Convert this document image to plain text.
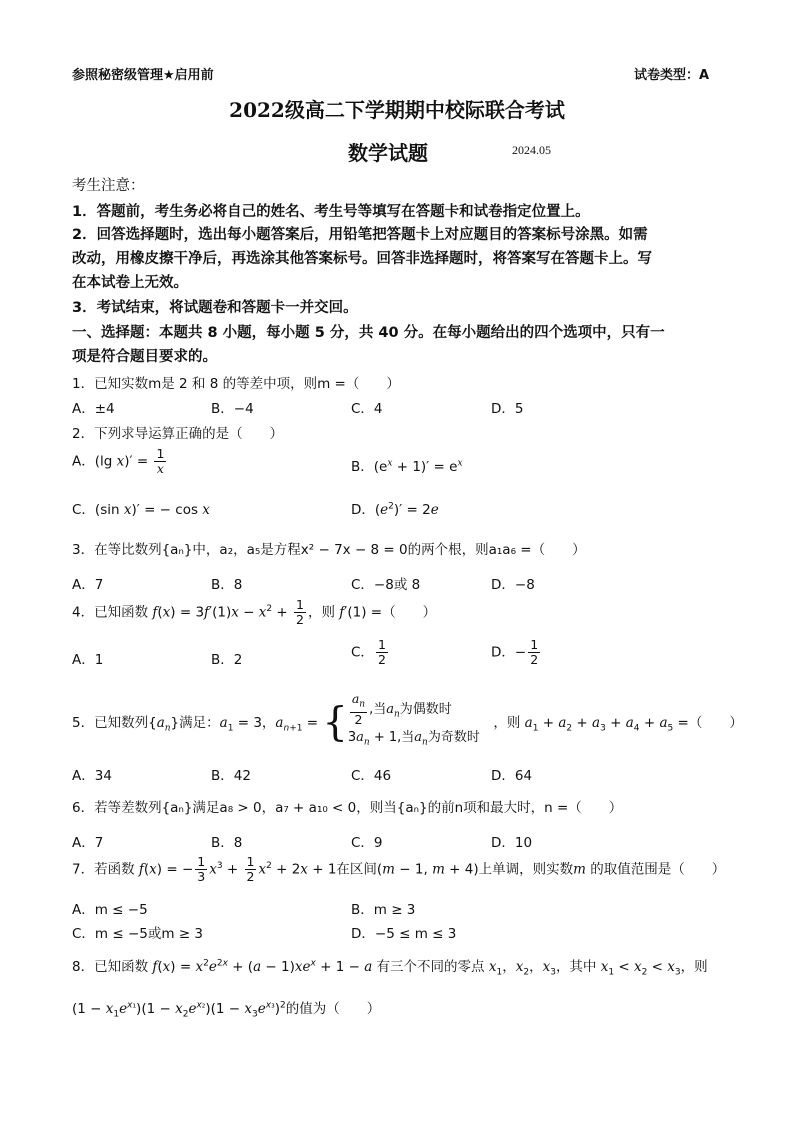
参照秘密级管理★启用前	试卷类型：A
2022级高二下学期期中校际联合考试
数学试题	2024.05
考生注意：
1．答题前，考生务必将自己的姓名、考生号等填写在答题卡和试卷指定位置上。
2．回答选择题时，选出每小题答案后，用铅笔把答题卡上对应题目的答案标号涂黑。如需
改动，用橡皮擦干净后，再选涂其他答案标号。回答非选择题时，将答案写在答题卡上。写
在本试卷上无效。
3．考试结束，将试题卷和答题卡一并交回。
一、选择题：本题共 8 小题，每小题 5 分，共 40 分。在每小题给出的四个选项中，只有一
项是符合题目要求的。
1．已知实数m是 2 和 8 的等差中项，则m =（　　）
A．±4	B．−4	C．4	D．5
2．下列求导运算正确的是（　　）
A．(lg $x)' = \frac{1}{x}$	B．$(e^x + 1)' = e^x$
C．(sin x)′ = − cos x	D．$(e^2)' = 2e$
3．在等比数列{aₙ}中，a₂，a₅是方程x² − 7x − 8 = 0的两个根，则a₁a₆ =（　　）
A．7	B．8	C．−8或 8	D．−8
4．已知函数 $f(x) = 3f'(1)x - x^2 + \frac{1}{2}$ ，则 f′(1) =（　　）
A．1	B．2	C． $\frac{1}{2}$	D．− $\frac{1}{2}$
5．已知数列$\{a_n\}$满足：$a_1 = 3$，$a_{n+1}$ = { $\frac{a_n}{2}$ ,当$a_n$为偶数时
$3a_n + 1$,当$a_n$为奇数时
　，则 $a_1 + a_2 + a_3 + a_4 + a_5$ =（　　）
A．34	B．42	C．46	D．64
6．若等差数列{aₙ}满足a₈ > 0，a₇ + a₁₀ < 0，则当{aₙ}的前n项和最大时，n =（　　）
A．7	B．8	C．9	D．10
7．若函数 f(x) = − $\frac{1}{3} x^3 + \frac{1}{2} x^2 + 2x + 1$在区间(m − 1, m + 4)上单调，则实数m 的取值范围是（　　）
A．m ≤ −5	B．m ≥ 3
C．m ≤ −5或m ≥ 3	D．−5 ≤ m ≤ 3
8．已知函数 $f(x) = x^2e^{2x} + (a - 1)xe^x + 1 - a$ 有三个不同的零点 $x_1$，$x_2$，$x_3$，其中 $x_1 < x_2 < x_3$，则
$(1 - x_1e^{x_1})(1 - x_2e^{x_2})(1 - x_3e^{x_3})^2$的值为（　　）
